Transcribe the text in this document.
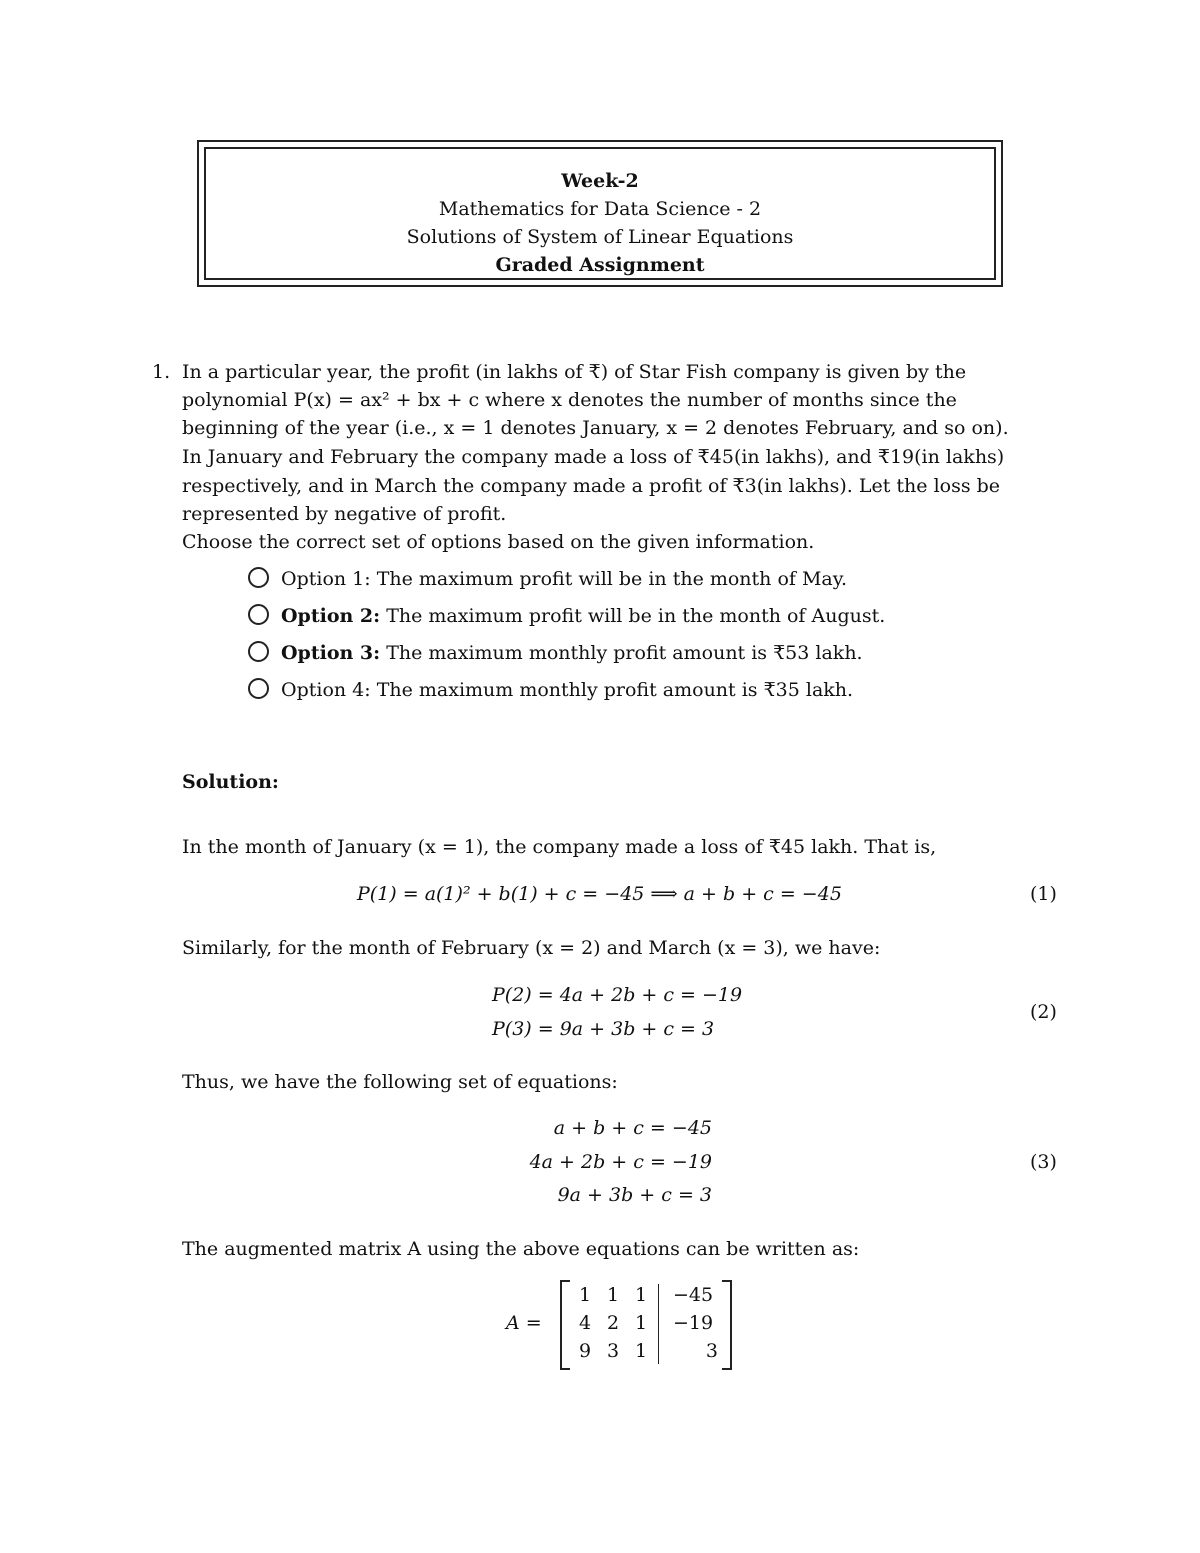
Week-2
Mathematics for Data Science - 2
Solutions of System of Linear Equations
Graded Assignment
1. In a particular year, the profit (in lakhs of ₹) of Star Fish company is given by the
polynomial P(x) = ax² + bx + c where x denotes the number of months since the
beginning of the year (i.e., x = 1 denotes January, x = 2 denotes February, and so on).
In January and February the company made a loss of ₹45(in lakhs), and ₹19(in lakhs)
respectively, and in March the company made a profit of ₹3(in lakhs). Let the loss be
represented by negative of profit.
Choose the correct set of options based on the given information.
Option 1: The maximum profit will be in the month of May.
Option 2: The maximum profit will be in the month of August.
Option 3: The maximum monthly profit amount is ₹53 lakh.
Option 4: The maximum monthly profit amount is ₹35 lakh.
Solution:
In the month of January (x = 1), the company made a loss of ₹45 lakh. That is,
P(1) = a(1)² + b(1) + c = −45 ⟹ a + b + c = −45	(1)
Similarly, for the month of February (x = 2) and March (x = 3), we have:
P(2) = 4a + 2b + c = −19
P(3) = 9a + 3b + c = 3
(2)
Thus, we have the following set of equations:
a + b + c = −45
4a + 2b + c = −19
9a + 3b + c = 3
(3)
The augmented matrix A using the above equations can be written as:
A =
1 1 1	−45
4 2 1	−19
9 3 1	3
